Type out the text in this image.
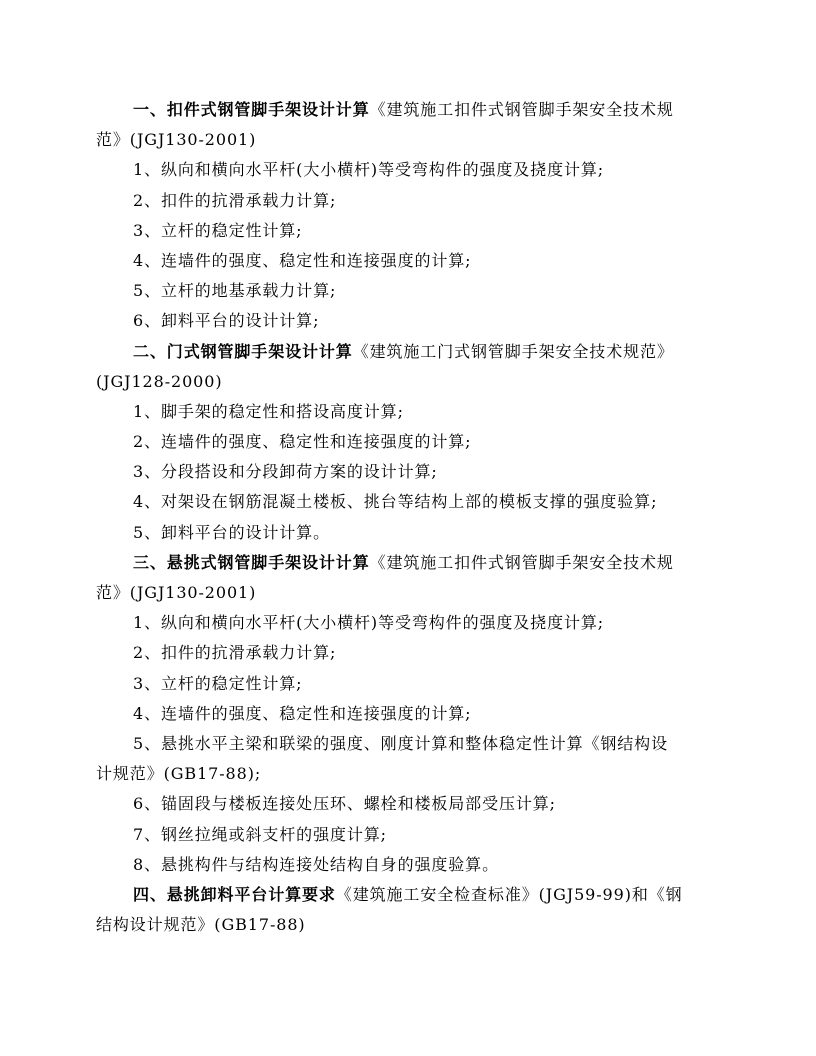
一、扣件式钢管脚手架设计计算《建筑施工扣件式钢管脚手架安全技术规
范》(JGJ130-2001)
1、纵向和横向水平杆(大小横杆)等受弯构件的强度及挠度计算;
2、扣件的抗滑承载力计算;
3、立杆的稳定性计算;
4、连墙件的强度、稳定性和连接强度的计算;
5、立杆的地基承载力计算;
6、卸料平台的设计计算;
二、门式钢管脚手架设计计算《建筑施工门式钢管脚手架安全技术规范》
(JGJ128-2000)
1、脚手架的稳定性和搭设高度计算;
2、连墙件的强度、稳定性和连接强度的计算;
3、分段搭设和分段卸荷方案的设计计算;
4、对架设在钢筋混凝土楼板、挑台等结构上部的模板支撑的强度验算;
5、卸料平台的设计计算。
三、悬挑式钢管脚手架设计计算《建筑施工扣件式钢管脚手架安全技术规
范》(JGJ130-2001)
1、纵向和横向水平杆(大小横杆)等受弯构件的强度及挠度计算;
2、扣件的抗滑承载力计算;
3、立杆的稳定性计算;
4、连墙件的强度、稳定性和连接强度的计算;
5、悬挑水平主梁和联梁的强度、刚度计算和整体稳定性计算《钢结构设
计规范》(GB17-88);
6、锚固段与楼板连接处压环、螺栓和楼板局部受压计算;
7、钢丝拉绳或斜支杆的强度计算;
8、悬挑构件与结构连接处结构自身的强度验算。
四、悬挑卸料平台计算要求《建筑施工安全检查标准》(JGJ59-99)和《钢
结构设计规范》(GB17-88)
